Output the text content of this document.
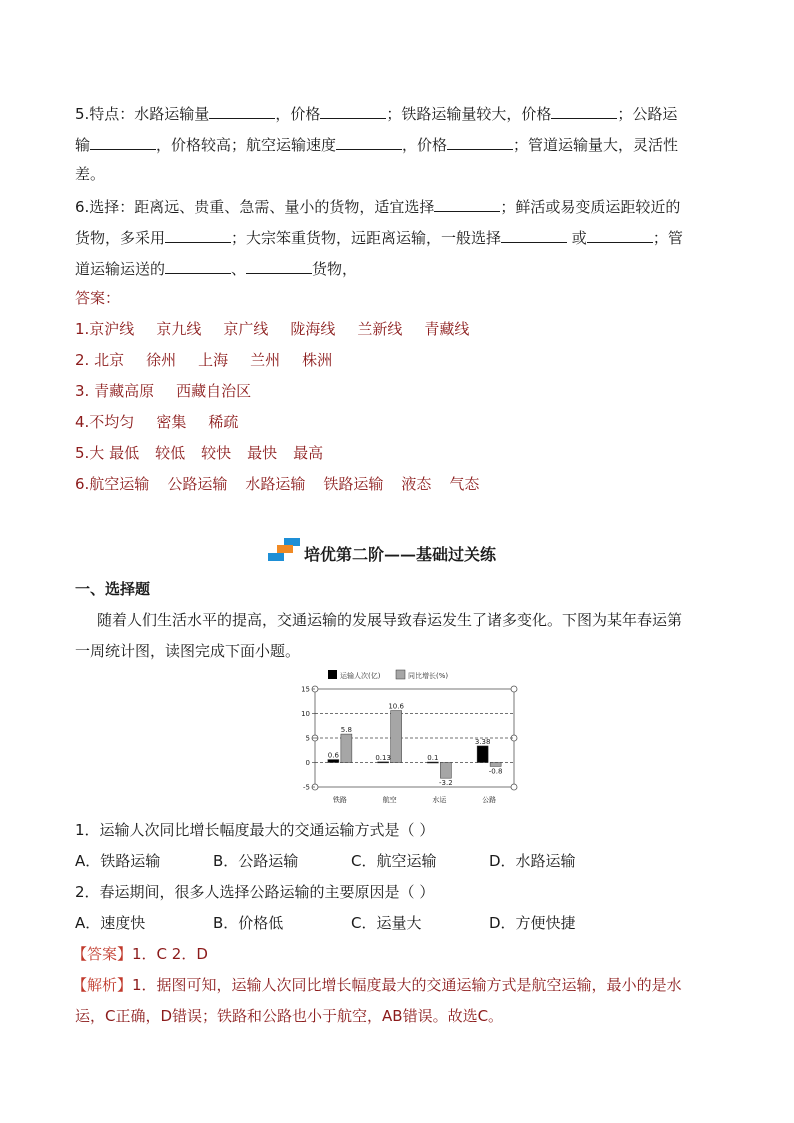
5.特点：水路运输量	，价格	；铁路运输量较大，价格	；公路运
输	，价格较高；航空运输速度	，价格	；管道运输量大，灵活性
差。
6.选择：距离远、贵重、急需、量小的货物，适宜选择	；鲜活或易变质运距较近的
货物，多采用	；大宗笨重货物，远距离运输，一般选择	或	；管
道运输运送的	、	货物，
答案：
1.京沪线 京九线 京广线 陇海线 兰新线 青藏线
2. 北京 徐州 上海 兰州 株洲
3. 青藏高原 西藏自治区
4.不均匀 密集 稀疏
5.大 最低 较低 较快 最快 最高
6.航空运输 公路运输 水路运输 铁路运输 液态 气态
培优第二阶——基础过关练
一、选择题
随着人们生活水平的提高，交通运输的发展导致春运发生了诸多变化。下图为某年春运第
一周统计图，读图完成下面小题。
运输人次(亿)	同比增长(%)
15
10
5
0
-5
0.6
5.8
铁路
0.13
10.6
航空
0.1
-3.2
水运
3.38
-0.8
公路
1．运输人次同比增长幅度最大的交通运输方式是（ ）
A．铁路运输	B．公路运输	C．航空运输	D．水路运输
2．春运期间，很多人选择公路运输的主要原因是（ ）
A．速度快	B．价格低	C．运量大	D．方便快捷
【答案】1．C 2．D
【解析】1．据图可知，运输人次同比增长幅度最大的交通运输方式是航空运输，最小的是水
运，C正确，D错误；铁路和公路也小于航空，AB错误。故选C。
